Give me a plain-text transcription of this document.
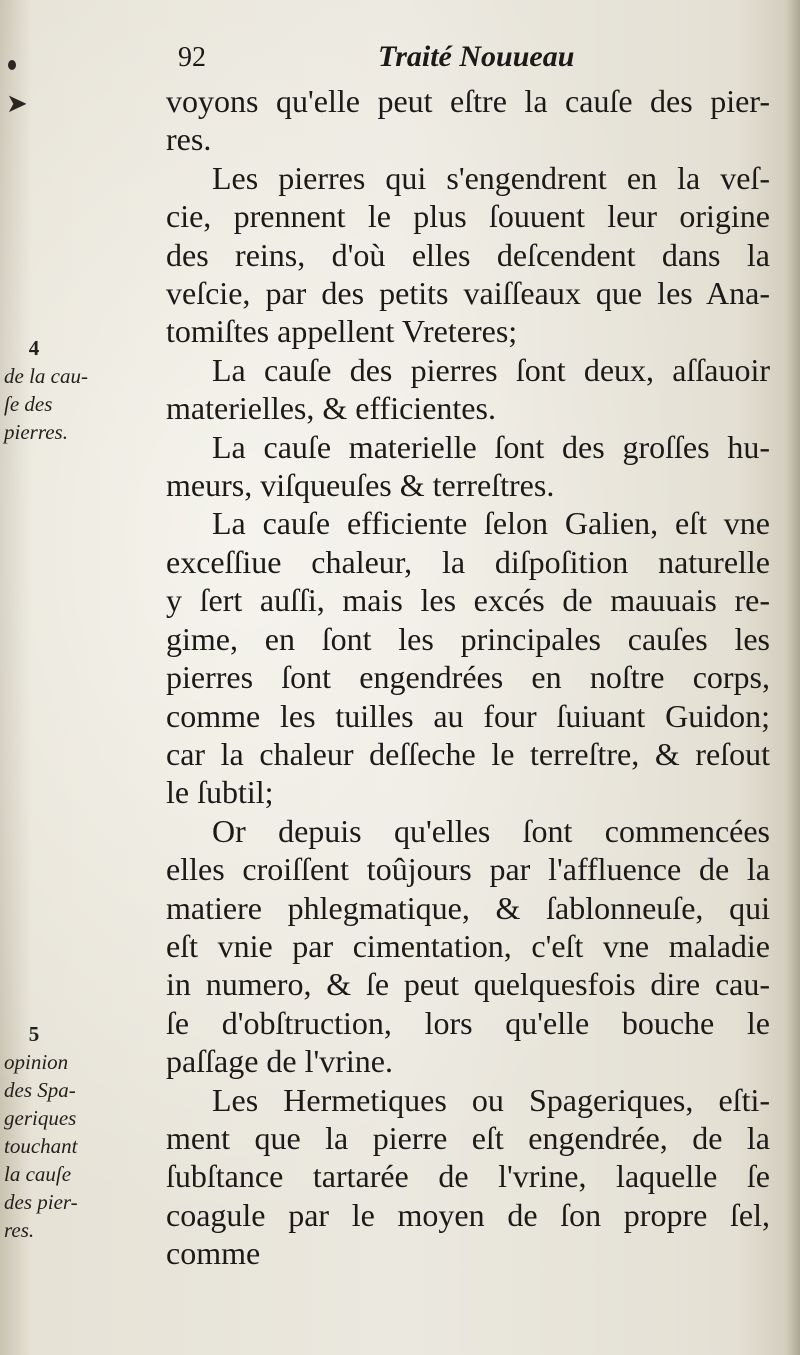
➤
92	Traité Nouueau
voyons qu'elle peut eſtre la cauſe des pier-
res.
Les pierres qui s'engendrent en la veſ-
cie, prennent le plus ſouuent leur origine
des reins, d'où elles deſcendent dans la
veſcie, par des petits vaiſſeaux que les Ana-
tomiſtes appellent Vreteres;
La cauſe des pierres ſont deux, aſſauoir
materielles, & efficientes.
La cauſe materielle ſont des groſſes hu-
meurs, viſqueuſes & terreſtres.
La cauſe efficiente ſelon Galien, eſt vne
exceſſiue chaleur, la diſpoſition naturelle
y ſert auſſi, mais les excés de mauuais re-
gime, en ſont les principales cauſes les
pierres ſont engendrées en noſtre corps,
comme les tuilles au four ſuiuant Guidon;
car la chaleur deſſeche le terreſtre, & reſout
le ſubtil;
Or depuis qu'elles ſont commencées
elles croiſſent toûjours par l'affluence de la
matiere phlegmatique, & ſablonneuſe, qui
eſt vnie par cimentation, c'eſt vne maladie
in numero, & ſe peut quelquesfois dire cau-
ſe d'obſtruction, lors qu'elle bouche le
paſſage de l'vrine.
Les Hermetiques ou Spageriques, eſti-
ment que la pierre eſt engendrée, de la
ſubſtance tartarée de l'vrine, laquelle ſe
coagule par le moyen de ſon propre ſel,
comme
4
de la cau-
ſe des
pierres.
5
opinion
des Spa-
geriques
touchant
la cauſe
des pier-
res.
